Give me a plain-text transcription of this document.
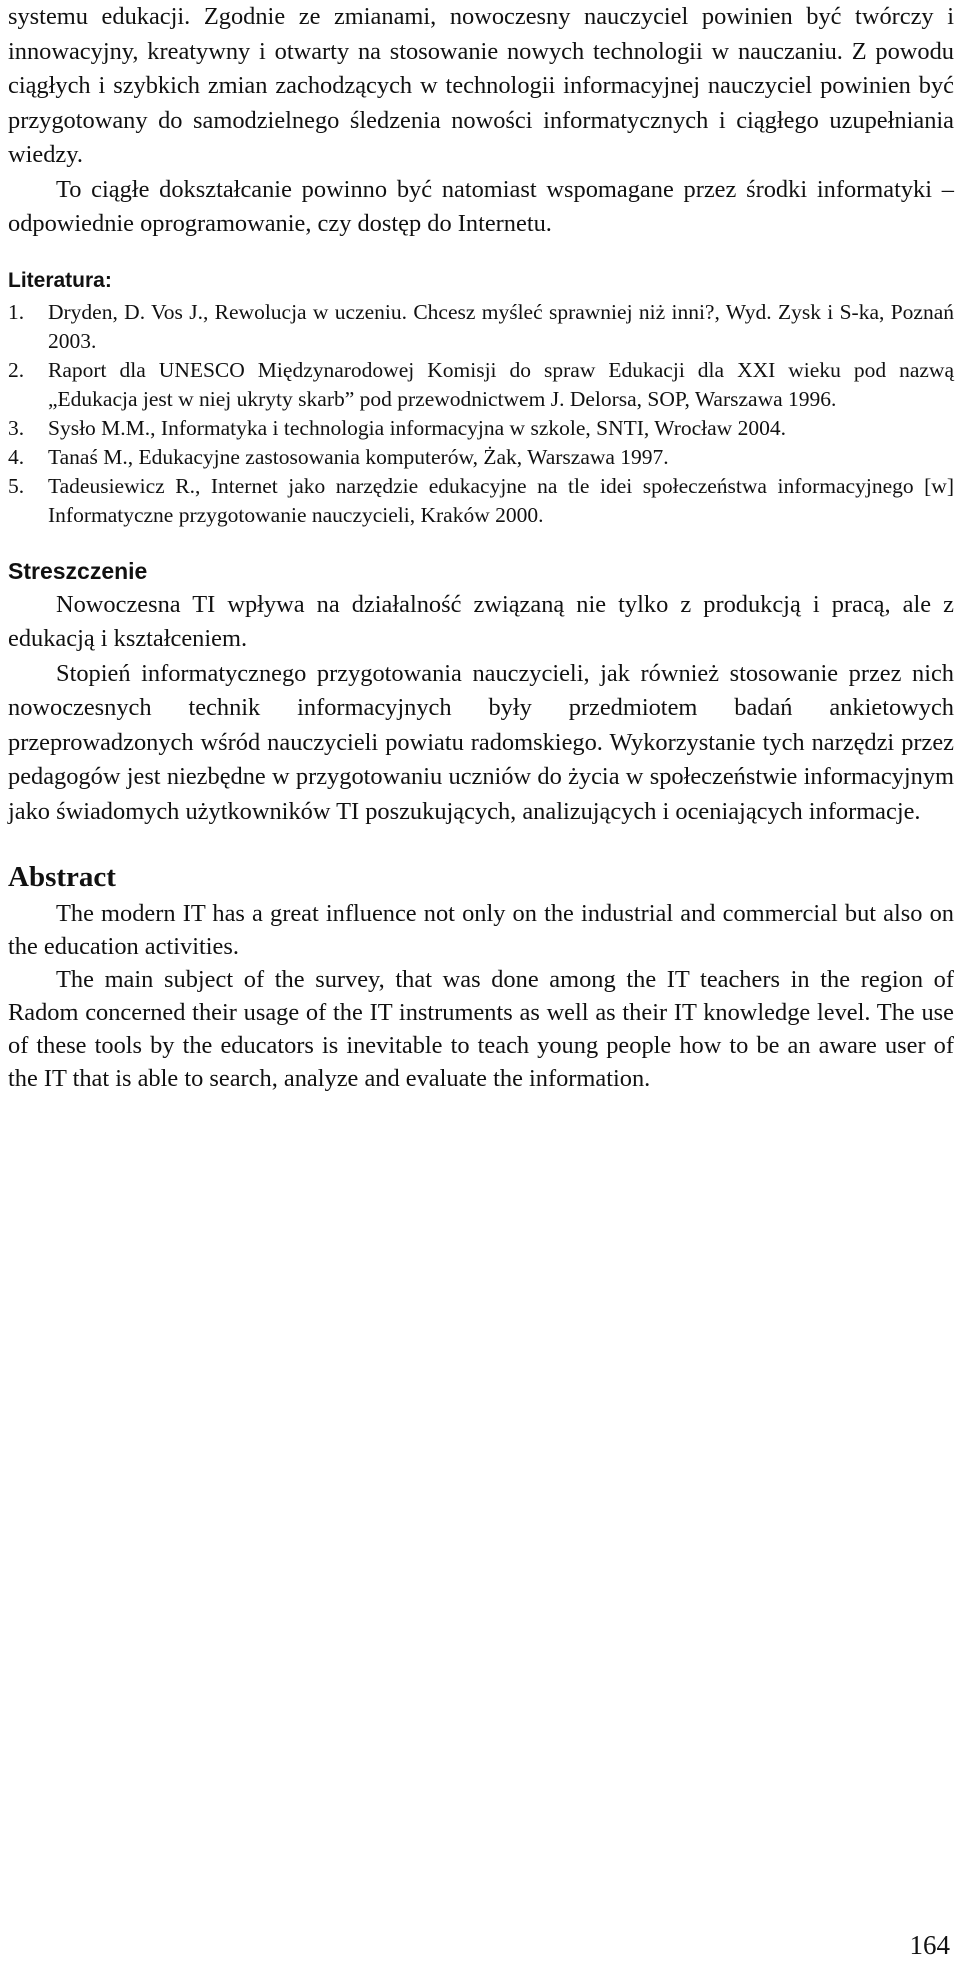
systemu edukacji. Zgodnie ze zmianami, nowoczesny nauczyciel powinien być twórczy i innowacyjny, kreatywny i otwarty na stosowanie nowych technologii w nauczaniu. Z powodu ciągłych i szybkich zmian zachodzących w technologii informacyjnej nauczyciel powinien być przygotowany do samodzielnego śledzenia nowości informatycznych i ciągłego uzupełniania wiedzy.

To ciągłe dokształcanie powinno być natomiast wspomagane przez środki informatyki – odpowiednie oprogramowanie, czy dostęp do Internetu.

Literatura:
1. Dryden, D. Vos J., Rewolucja w uczeniu. Chcesz myśleć sprawniej niż inni?, Wyd. Zysk i S-ka, Poznań 2003.
2. Raport dla UNESCO Międzynarodowej Komisji do spraw Edukacji dla XXI wieku pod nazwą „Edukacja jest w niej ukryty skarb” pod przewodnictwem J. Delorsa, SOP, Warszawa 1996.
3. Sysło M.M., Informatyka i technologia informacyjna w szkole, SNTI, Wrocław 2004.
4. Tanaś M., Edukacyjne zastosowania komputerów, Żak, Warszawa 1997.
5. Tadeusiewicz R., Internet jako narzędzie edukacyjne na tle idei społeczeństwa informacyjnego [w] Informatyczne przygotowanie nauczycieli, Kraków 2000.
Streszczenie

Nowoczesna TI wpływa na działalność związaną nie tylko z produkcją i pracą, ale z edukacją i kształceniem.

Stopień informatycznego przygotowania nauczycieli, jak również stosowanie przez nich nowoczesnych technik informacyjnych były przedmiotem badań ankietowych przeprowadzonych wśród nauczycieli powiatu radomskiego. Wykorzystanie tych narzędzi przez pedagogów jest niezbędne w przygotowaniu uczniów do życia w społeczeństwie informacyjnym jako świadomych użytkowników TI poszukujących, analizujących i oceniających informacje.

Abstract

The modern IT has a great influence not only on the industrial and commercial but also on the education activities.

The main subject of the survey, that was done among the IT teachers in the region of Radom concerned their usage of the IT instruments as well as their IT knowledge level. The use of these tools by the educators is inevitable to teach young people how to be an aware user of the IT that is able to search, analyze and evaluate the information.

164
